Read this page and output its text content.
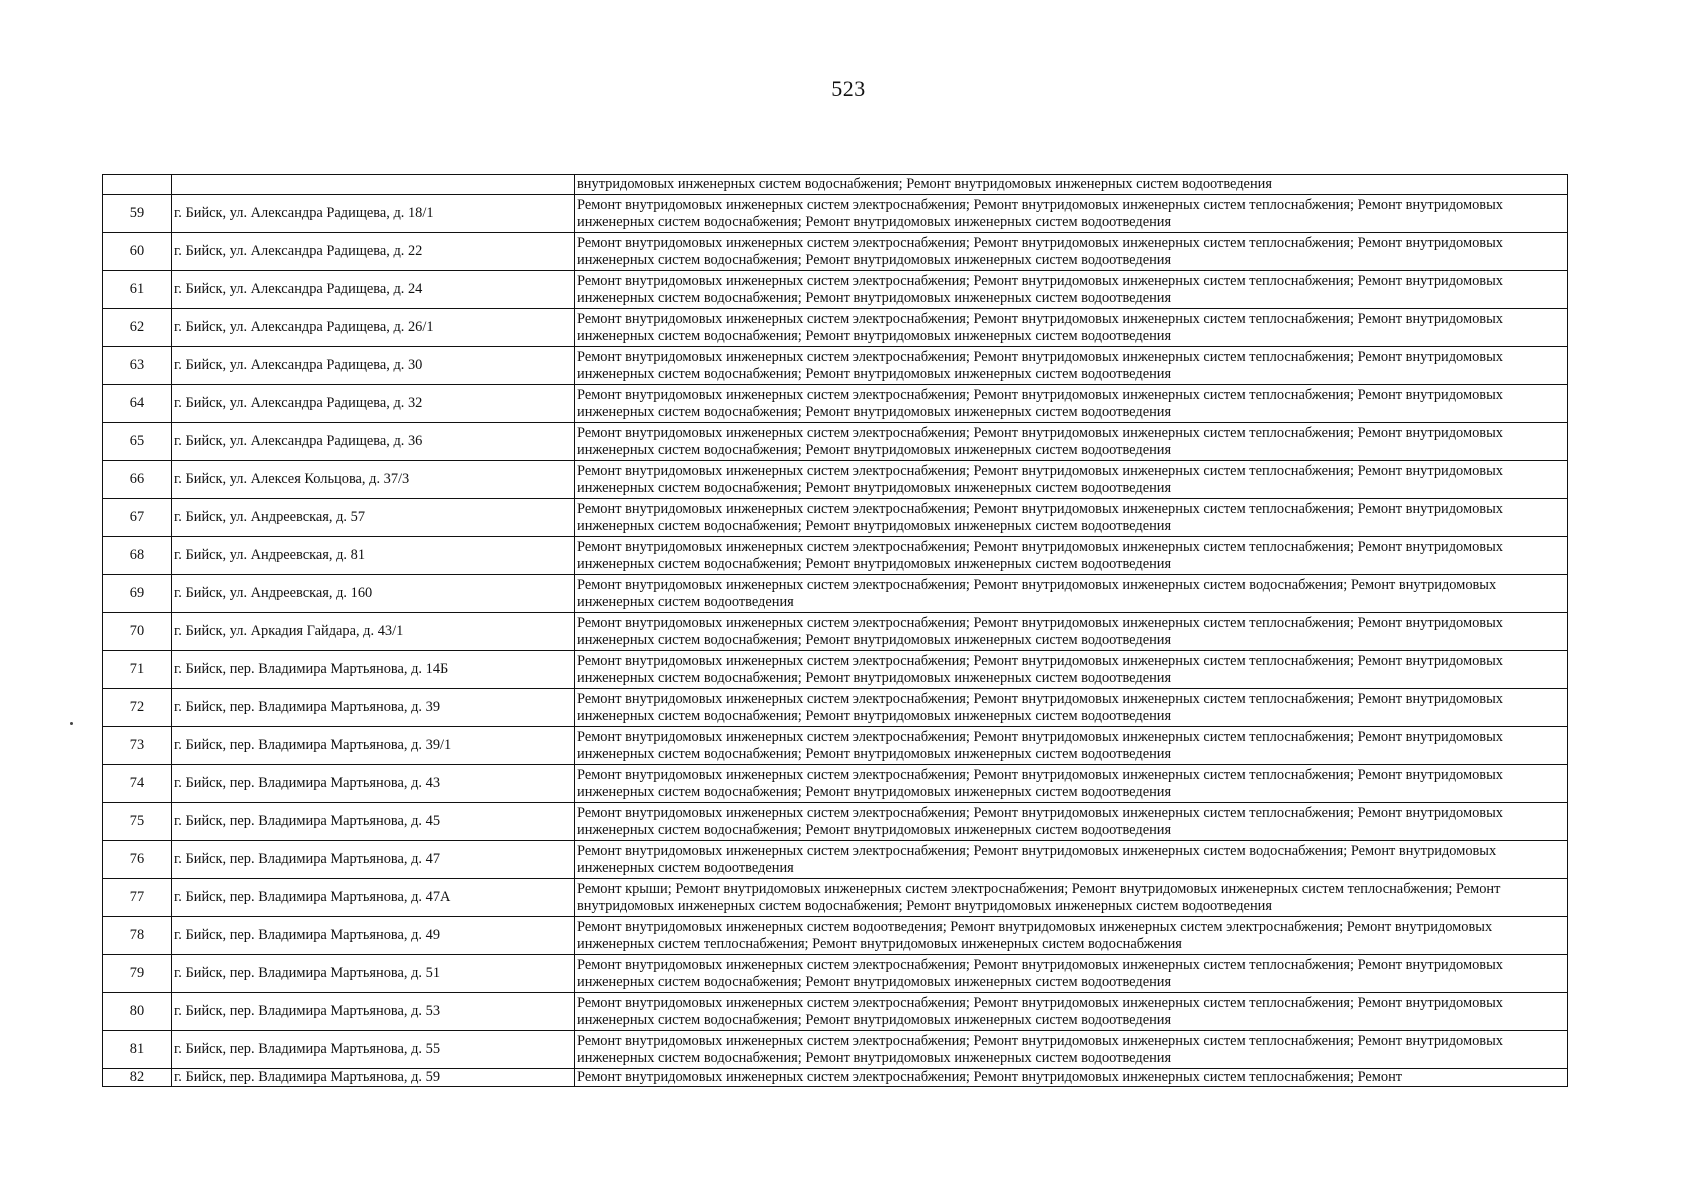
523
		внутридомовых инженерных систем водоснабжения; Ремонт внутридомовых инженерных систем водоотведения
59	г. Бийск, ул. Александра Радищева, д. 18/1	Ремонт внутридомовых инженерных систем электроснабжения; Ремонт внутридомовых инженерных систем теплоснабжения; Ремонт внутридомовых инженерных систем водоснабжения; Ремонт внутридомовых инженерных систем водоотведения
60	г. Бийск, ул. Александра Радищева, д. 22	Ремонт внутридомовых инженерных систем электроснабжения; Ремонт внутридомовых инженерных систем теплоснабжения; Ремонт внутридомовых инженерных систем водоснабжения; Ремонт внутридомовых инженерных систем водоотведения
61	г. Бийск, ул. Александра Радищева, д. 24	Ремонт внутридомовых инженерных систем электроснабжения; Ремонт внутридомовых инженерных систем теплоснабжения; Ремонт внутридомовых инженерных систем водоснабжения; Ремонт внутридомовых инженерных систем водоотведения
62	г. Бийск, ул. Александра Радищева, д. 26/1	Ремонт внутридомовых инженерных систем электроснабжения; Ремонт внутридомовых инженерных систем теплоснабжения; Ремонт внутридомовых инженерных систем водоснабжения; Ремонт внутридомовых инженерных систем водоотведения
63	г. Бийск, ул. Александра Радищева, д. 30	Ремонт внутридомовых инженерных систем электроснабжения; Ремонт внутридомовых инженерных систем теплоснабжения; Ремонт внутридомовых инженерных систем водоснабжения; Ремонт внутридомовых инженерных систем водоотведения
64	г. Бийск, ул. Александра Радищева, д. 32	Ремонт внутридомовых инженерных систем электроснабжения; Ремонт внутридомовых инженерных систем теплоснабжения; Ремонт внутридомовых инженерных систем водоснабжения; Ремонт внутридомовых инженерных систем водоотведения
65	г. Бийск, ул. Александра Радищева, д. 36	Ремонт внутридомовых инженерных систем электроснабжения; Ремонт внутридомовых инженерных систем теплоснабжения; Ремонт внутридомовых инженерных систем водоснабжения; Ремонт внутридомовых инженерных систем водоотведения
66	г. Бийск, ул. Алексея Кольцова, д. 37/3	Ремонт внутридомовых инженерных систем электроснабжения; Ремонт внутридомовых инженерных систем теплоснабжения; Ремонт внутридомовых инженерных систем водоснабжения; Ремонт внутридомовых инженерных систем водоотведения
67	г. Бийск, ул. Андреевская, д. 57	Ремонт внутридомовых инженерных систем электроснабжения; Ремонт внутридомовых инженерных систем теплоснабжения; Ремонт внутридомовых инженерных систем водоснабжения; Ремонт внутридомовых инженерных систем водоотведения
68	г. Бийск, ул. Андреевская, д. 81	Ремонт внутридомовых инженерных систем электроснабжения; Ремонт внутридомовых инженерных систем теплоснабжения; Ремонт внутридомовых инженерных систем водоснабжения; Ремонт внутридомовых инженерных систем водоотведения
69	г. Бийск, ул. Андреевская, д. 160	Ремонт внутридомовых инженерных систем электроснабжения; Ремонт внутридомовых инженерных систем водоснабжения; Ремонт внутридомовых инженерных систем водоотведения
70	г. Бийск, ул. Аркадия Гайдара, д. 43/1	Ремонт внутридомовых инженерных систем электроснабжения; Ремонт внутридомовых инженерных систем теплоснабжения; Ремонт внутридомовых инженерных систем водоснабжения; Ремонт внутридомовых инженерных систем водоотведения
71	г. Бийск, пер. Владимира Мартьянова, д. 14Б	Ремонт внутридомовых инженерных систем электроснабжения; Ремонт внутридомовых инженерных систем теплоснабжения; Ремонт внутридомовых инженерных систем водоснабжения; Ремонт внутридомовых инженерных систем водоотведения
72	г. Бийск, пер. Владимира Мартьянова, д. 39	Ремонт внутридомовых инженерных систем электроснабжения; Ремонт внутридомовых инженерных систем теплоснабжения; Ремонт внутридомовых инженерных систем водоснабжения; Ремонт внутридомовых инженерных систем водоотведения
73	г. Бийск, пер. Владимира Мартьянова, д. 39/1	Ремонт внутридомовых инженерных систем электроснабжения; Ремонт внутридомовых инженерных систем теплоснабжения; Ремонт внутридомовых инженерных систем водоснабжения; Ремонт внутридомовых инженерных систем водоотведения
74	г. Бийск, пер. Владимира Мартьянова, д. 43	Ремонт внутридомовых инженерных систем электроснабжения; Ремонт внутридомовых инженерных систем теплоснабжения; Ремонт внутридомовых инженерных систем водоснабжения; Ремонт внутридомовых инженерных систем водоотведения
75	г. Бийск, пер. Владимира Мартьянова, д. 45	Ремонт внутридомовых инженерных систем электроснабжения; Ремонт внутридомовых инженерных систем теплоснабжения; Ремонт внутридомовых инженерных систем водоснабжения; Ремонт внутридомовых инженерных систем водоотведения
76	г. Бийск, пер. Владимира Мартьянова, д. 47	Ремонт внутридомовых инженерных систем электроснабжения; Ремонт внутридомовых инженерных систем водоснабжения; Ремонт внутридомовых инженерных систем водоотведения
77	г. Бийск, пер. Владимира Мартьянова, д. 47А	Ремонт крыши; Ремонт внутридомовых инженерных систем электроснабжения; Ремонт внутридомовых инженерных систем теплоснабжения; Ремонт внутридомовых инженерных систем водоснабжения; Ремонт внутридомовых инженерных систем водоотведения
78	г. Бийск, пер. Владимира Мартьянова, д. 49	Ремонт внутридомовых инженерных систем водоотведения; Ремонт внутридомовых инженерных систем электроснабжения; Ремонт внутридомовых инженерных систем теплоснабжения; Ремонт внутридомовых инженерных систем водоснабжения
79	г. Бийск, пер. Владимира Мартьянова, д. 51	Ремонт внутридомовых инженерных систем электроснабжения; Ремонт внутридомовых инженерных систем теплоснабжения; Ремонт внутридомовых инженерных систем водоснабжения; Ремонт внутридомовых инженерных систем водоотведения
80	г. Бийск, пер. Владимира Мартьянова, д. 53	Ремонт внутридомовых инженерных систем электроснабжения; Ремонт внутридомовых инженерных систем теплоснабжения; Ремонт внутридомовых инженерных систем водоснабжения; Ремонт внутридомовых инженерных систем водоотведения
81	г. Бийск, пер. Владимира Мартьянова, д. 55	Ремонт внутридомовых инженерных систем электроснабжения; Ремонт внутридомовых инженерных систем теплоснабжения; Ремонт внутридомовых инженерных систем водоснабжения; Ремонт внутридомовых инженерных систем водоотведения
82	г. Бийск, пер. Владимира Мартьянова, д. 59	Ремонт внутридомовых инженерных систем электроснабжения; Ремонт внутридомовых инженерных систем теплоснабжения; Ремонт
